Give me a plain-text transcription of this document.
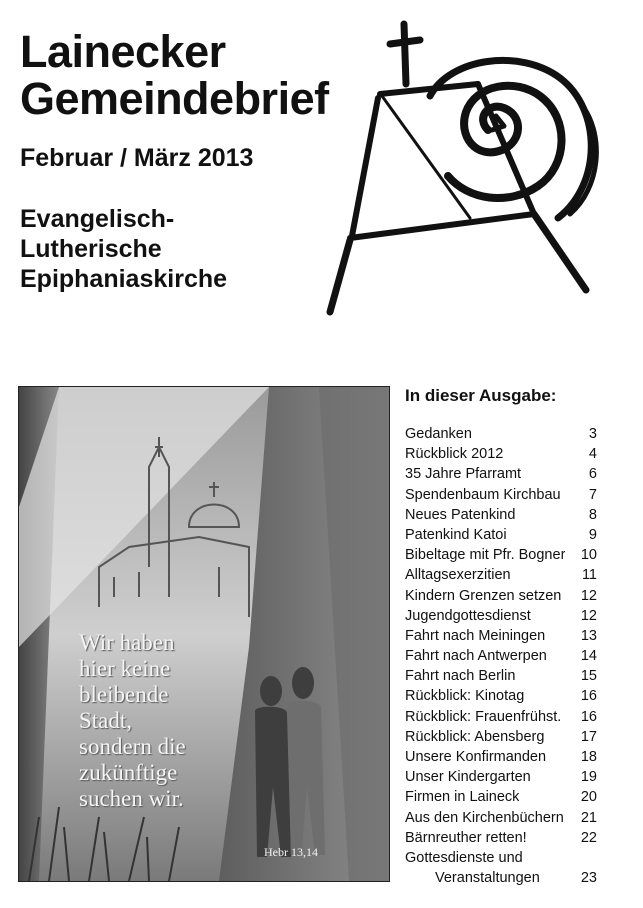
Lainecker
Gemeindebrief
Februar / März 2013
Evangelisch-
Lutherische
Epiphaniaskirche
Wir haben
hier keine
bleibende
Stadt,
sondern die
zukünftige
suchen wir.
Hebr 13,14
In dieser Ausgabe:
Gedanken	3
Rückblick 2012	4
35 Jahre Pfarramt	6
Spendenbaum Kirchbau 7
Neues Patenkind	8
Patenkind Katoi	9
Bibeltage mit Pfr. Bogner 10
Alltagsexerzitien	11
Kindern Grenzen setzen 12
Jugendgottesdienst	12
Fahrt nach Meiningen 13
Fahrt nach Antwerpen 14
Fahrt nach Berlin	15
Rückblick: Kinotag	16
Rückblick: Frauenfrühst. 16
Rückblick: Abensberg	17
Unsere Konfirmanden 18
Unser Kindergarten	19
Firmen in Laineck	20
Aus den Kirchenbüchern 21
Bärnreuther retten!	22
Gottesdienste und
Veranstaltungen	23
